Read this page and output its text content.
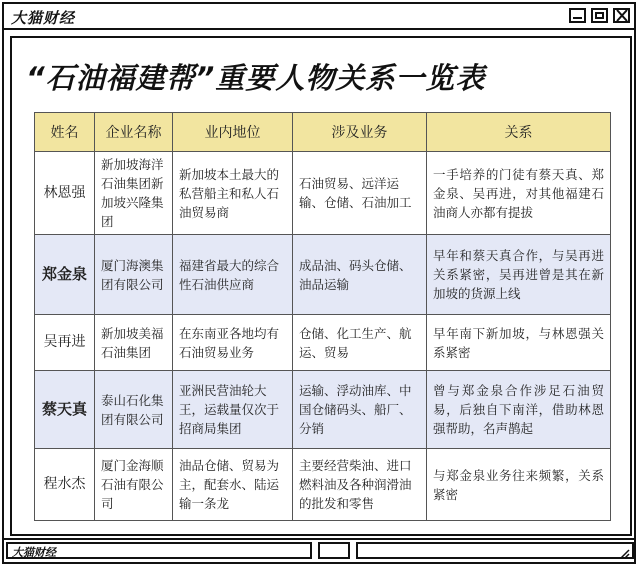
大猫财经
“石油福建帮”重要人物关系一览表
姓名	企业名称	业内地位	涉及业务	关系
林恩强	新加坡海洋石油集团新加坡兴隆集团	新加坡本土最大的私营船主和私人石油贸易商	石油贸易、远洋运输、仓储、石油加工	一手培养的门徒有蔡天真、郑金泉、吴再进，对其他福建石油商人亦都有提拔
郑金泉	厦门海澳集团有限公司	福建省最大的综合性石油供应商	成品油、码头仓储、油品运输	早年和蔡天真合作，与吴再进关系紧密，吴再进曾是其在新加坡的货源上线
吴再进	新加坡美福石油集团	在东南亚各地均有石油贸易业务	仓储、化工生产、航运、贸易	早年南下新加坡，与林恩强关系紧密
蔡天真	泰山石化集团有限公司	亚洲民营油轮大王，运载量仅次于招商局集团	运输、浮动油库、中国仓储码头、船厂、分销	曾与郑金泉合作涉足石油贸易，后独自下南洋，借助林恩强帮助，名声鹊起
程水杰	厦门金海顺石油有限公司	油品仓储、贸易为主，配套水、陆运输一条龙	主要经营柴油、进口燃料油及各种润滑油的批发和零售	与郑金泉业务往来频繁，关系紧密
大猫财经
